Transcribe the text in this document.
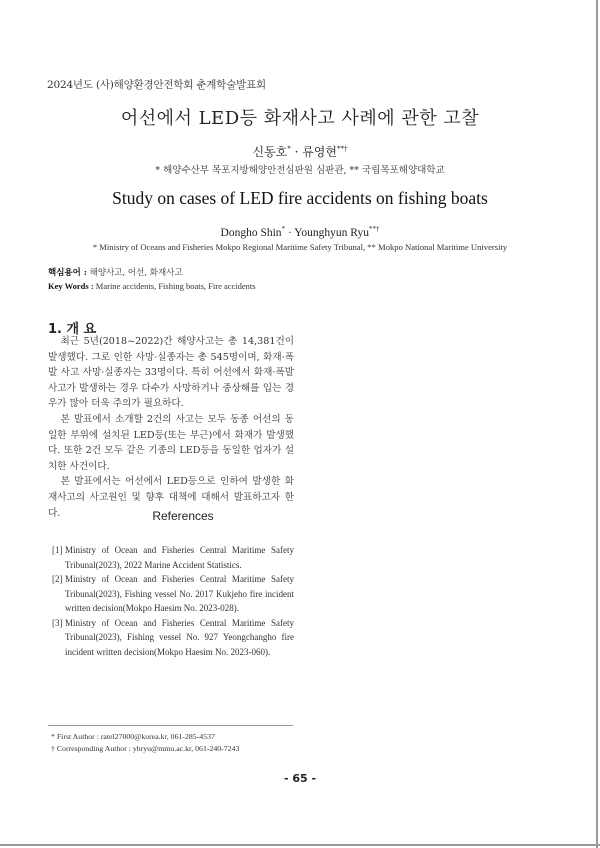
2024년도 (사)해양환경안전학회 춘계학술발표회
어선에서 LED등 화재사고 사례에 관한 고찰
신동호* · 류영현**†
* 해양수산부 목포지방해양안전심판원 심판관, ** 국립목포해양대학교
Study on cases of LED fire accidents on fishing boats
Dongho Shin* · Younghyun Ryu**†
* Ministry of Oceans and Fisheries Mokpo Regional Maritime Safety Tribunal, ** Mokpo National Maritime University
핵심용어 : 해양사고, 어선, 화재사고
Key Words : Marine accidents, Fishing boats, Fire accidents
1. 개 요

최근 5년(2018~2022)간 해양사고는 총 14,381건이 발생했다. 그로 인한 사망·실종자는 총 545명이며, 화재·폭발 사고 사망·실종자는 33명이다. 특히 어선에서 화재·폭발 사고가 발생하는 경우 다수가 사망하거나 중상해를 입는 경우가 많아 더욱 주의가 필요하다.

본 발표에서 소개할 2건의 사고는 모두 동종 어선의 동일한 부위에 설치된 LED등(또는 부근)에서 화재가 발생했다. 또한 2건 모두 같은 기종의 LED등을 동일한 업자가 설치한 사건이다.

본 발표에서는 어선에서 LED등으로 인하여 발생한 화재사고의 사고원인 및 향후 대책에 대해서 발표하고자 한다.	References
[1] Ministry of Ocean and Fisheries Central Maritime Safety Tribunal(2023), 2022 Marine Accident Statistics.
[2] Ministry of Ocean and Fisheries Central Maritime Safety Tribunal(2023), Fishing vessel No. 2017 Kukjeho fire incident written decision(Mokpo Haesim No. 2023-028).
[3] Ministry of Ocean and Fisheries Central Maritime Safety Tribunal(2023), Fishing vessel No. 927 Yeongchangho fire incident written decision(Mokpo Haesim No. 2023-060).
* First Author : ratel27000@korea.kr, 061-285-4537
† Corresponding Author : yhryu@mmu.ac.kr, 061-240-7243
- 65 -
